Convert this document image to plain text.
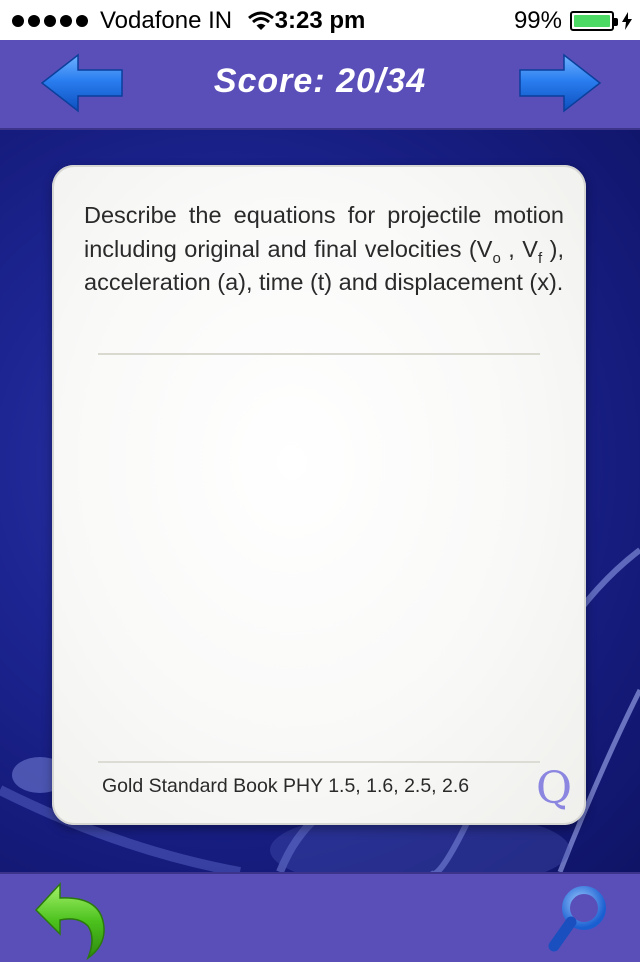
Vodafone IN	3:23 pm	99%
Score: 20/34
Describe the equations for projectile motion including original and final velocities ($V_o$ , $V_f$ ), acceleration (a), time (t) and displacement (x).
Gold Standard Book PHY 1.5, 1.6, 2.5, 2.6 Q
